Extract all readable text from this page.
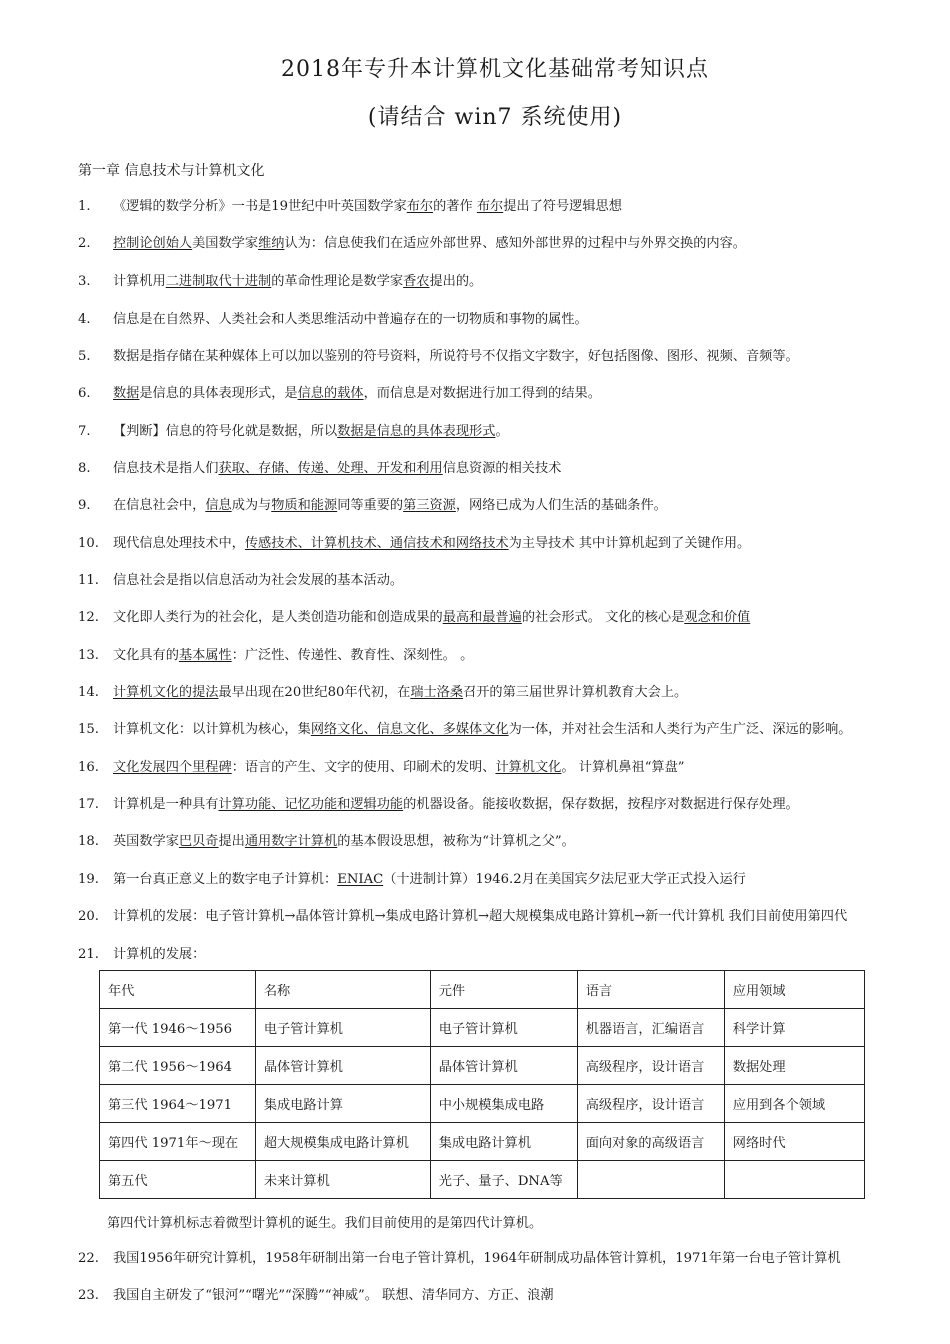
2018年专升本计算机文化基础常考知识点
(请结合 win7 系统使用)
第一章 信息技术与计算机文化
1. 《逻辑的数学分析》一书是19世纪中叶英国数学家布尔的著作 布尔提出了符号逻辑思想
2. 控制论创始人美国数学家维纳认为：信息使我们在适应外部世界、感知外部世界的过程中与外界交换的内容。
3. 计算机用二进制取代十进制的革命性理论是数学家香农提出的。
4. 信息是在自然界、人类社会和人类思维活动中普遍存在的一切物质和事物的属性。
5. 数据是指存储在某种媒体上可以加以鉴别的符号资料，所说符号不仅指文字数字，好包括图像、图形、视频、音频等。
6. 数据是信息的具体表现形式，是信息的载体，而信息是对数据进行加工得到的结果。
7. 【判断】信息的符号化就是数据，所以数据是信息的具体表现形式。
8. 信息技术是指人们获取、存储、传递、处理、开发和利用信息资源的相关技术
9. 在信息社会中，信息成为与物质和能源同等重要的第三资源，网络已成为人们生活的基础条件。
10. 现代信息处理技术中，传感技术、计算机技术、通信技术和网络技术为主导技术 其中计算机起到了关键作用。
11. 信息社会是指以信息活动为社会发展的基本活动。
12. 文化即人类行为的社会化，是人类创造功能和创造成果的最高和最普遍的社会形式。 文化的核心是观念和价值
13. 文化具有的基本属性：广泛性、传递性、教育性、深刻性。 。
14. 计算机文化的提法最早出现在20世纪80年代初，在瑞士洛桑召开的第三届世界计算机教育大会上。
15. 计算机文化：以计算机为核心，集网络文化、信息文化、多媒体文化为一体，并对社会生活和人类行为产生广泛、深远的影响。
16. 文化发展四个里程碑：语言的产生、文字的使用、印刷术的发明、计算机文化。 计算机鼻祖“算盘”
17. 计算机是一种具有计算功能、记忆功能和逻辑功能的机器设备。能接收数据，保存数据，按程序对数据进行保存处理。
18. 英国数学家巴贝奇提出通用数字计算机的基本假设思想，被称为“计算机之父”。
19. 第一台真正意义上的数字电子计算机：ENIAC（十进制计算）1946.2月在美国宾夕法尼亚大学正式投入运行
20. 计算机的发展：电子管计算机→晶体管计算机→集成电路计算机→超大规模集成电路计算机→新一代计算机 我们目前使用第四代
21. 计算机的发展：
22. 我国1956年研究计算机，1958年研制出第一台电子管计算机，1964年研制成功晶体管计算机，1971年第一台电子管计算机
23. 我国自主研发了“银河”“曙光”“深腾”“神威”。 联想、清华同方、方正、浪潮
年代	名称	元件	语言	应用领域
第一代 1946～1956	电子管计算机	电子管计算机	机器语言，汇编语言	科学计算
第二代 1956～1964	晶体管计算机	晶体管计算机	高级程序，设计语言	数据处理
第三代 1964～1971	集成电路计算	中小规模集成电路	高级程序，设计语言	应用到各个领域
第四代 1971年～现在	超大规模集成电路计算机	集成电路计算机	面向对象的高级语言	网络时代
第五代	未来计算机	光子、量子、DNA等		
第四代计算机标志着微型计算机的诞生。我们目前使用的是第四代计算机。
